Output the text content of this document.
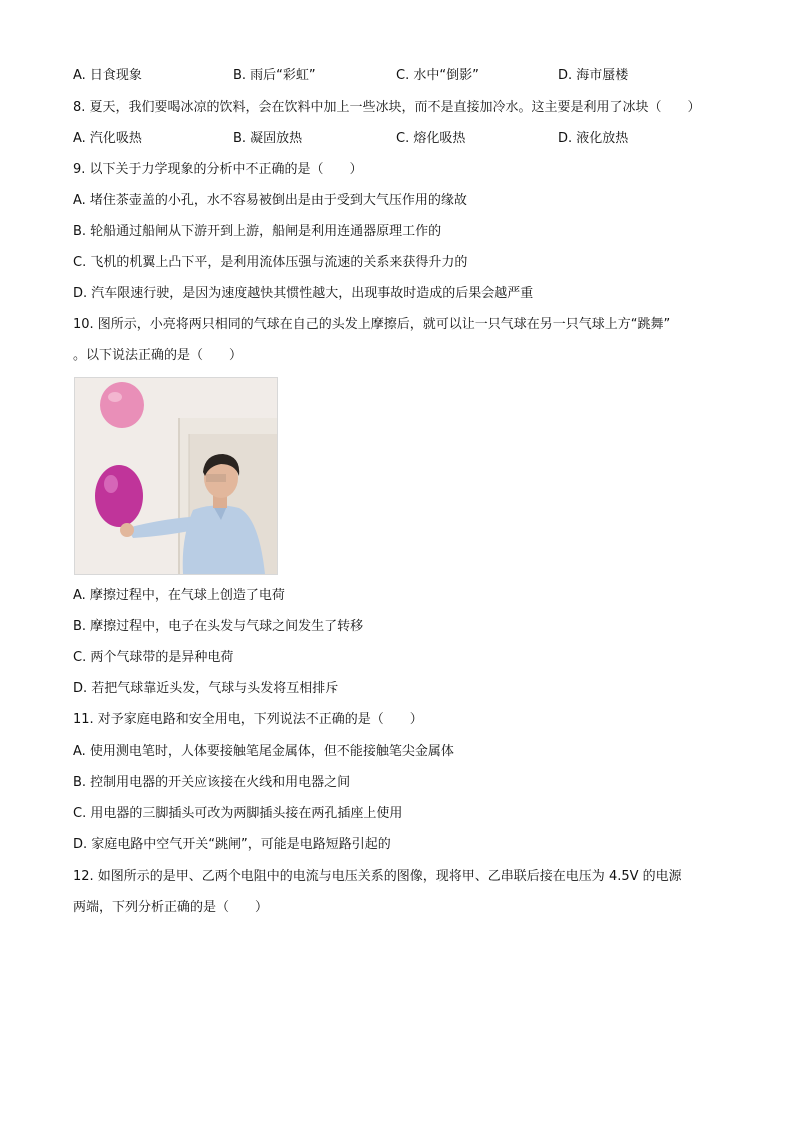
A. 日食现象	B. 雨后“彩虹”	C. 水中“倒影”	D. 海市蜃楼
8. 夏天，我们要喝冰凉的饮料，会在饮料中加上一些冰块，而不是直接加冷水。这主要是利用了冰块（　　）
A. 汽化吸热	B. 凝固放热	C. 熔化吸热	D. 液化放热
9. 以下关于力学现象的分析中不正确的是（　　）
A. 堵住茶壶盖的小孔，水不容易被倒出是由于受到大气压作用的缘故
B. 轮船通过船闸从下游开到上游，船闸是利用连通器原理工作的
C. 飞机的机翼上凸下平，是利用流体压强与流速的关系来获得升力的
D. 汽车限速行驶，是因为速度越快其惯性越大，出现事故时造成的后果会越严重
10. 图所示，小亮将两只相同的气球在自己的头发上摩擦后，就可以让一只气球在另一只气球上方“跳舞”
。以下说法正确的是（　　）
A. 摩擦过程中，在气球上创造了电荷
B. 摩擦过程中，电子在头发与气球之间发生了转移
C. 两个气球带的是异种电荷
D. 若把气球靠近头发，气球与头发将互相排斥
11. 对予家庭电路和安全用电，下列说法不正确的是（　　）
A. 使用测电笔时，人体要接触笔尾金属体，但不能接触笔尖金属体
B. 控制用电器的开关应该接在火线和用电器之间
C. 用电器的三脚插头可改为两脚插头接在两孔插座上使用
D. 家庭电路中空气开关“跳闸”，可能是电路短路引起的
12. 如图所示的是甲、乙两个电阻中的电流与电压关系的图像，现将甲、乙串联后接在电压为 4.5V 的电源
两端，下列分析正确的是（　　）
